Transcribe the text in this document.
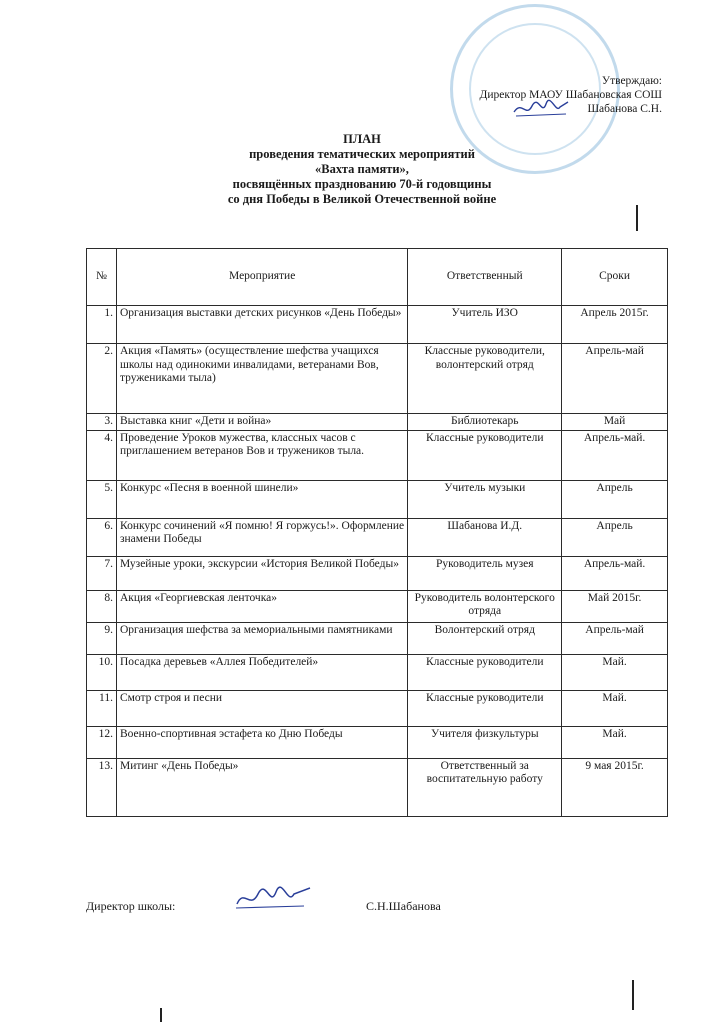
Утверждаю:
Директор МАОУ Шабановская СОШ
Шабанова С.Н.
ПЛАН
проведения тематических мероприятий
«Вахта памяти»,
посвящённых празднованию 70-й годовщины
со дня Победы в Великой Отечественной войне
№	Мероприятие	Ответственный	Сроки
1.	Организация выставки детских рисунков «День Победы»	Учитель ИЗО	Апрель 2015г.
2.	Акция «Память» (осуществление шефства учащихся школы над одинокими инвалидами, ветеранами Вов, тружениками тыла)	Классные руководители, волонтерский отряд	Апрель-май
3.	Выставка книг «Дети и война»	Библиотекарь	Май
4.	Проведение Уроков мужества, классных часов с приглашением ветеранов Вов и тружеников тыла.	Классные руководители	Апрель-май.
5.	Конкурс «Песня в военной шинели»	Учитель музыки	Апрель
6.	Конкурс сочинений «Я помню! Я горжусь!». Оформление знамени Победы	Шабанова И.Д.	Апрель
7.	Музейные уроки, экскурсии «История Великой Победы»	Руководитель музея	Апрель-май.
8.	Акция «Георгиевская ленточка»	Руководитель волонтерского отряда	Май 2015г.
9.	Организация шефства за мемориальными памятниками	Волонтерский отряд	Апрель-май
10.	Посадка деревьев «Аллея Победителей»	Классные руководители	Май.
11.	Смотр строя и песни	Классные руководители	Май.
12.	Военно-спортивная эстафета ко Дню Победы	Учителя физкультуры	Май.
13.	Митинг «День Победы»	Ответственный за воспитательную работу	9 мая 2015г.
Директор школы:	С.Н.Шабанова
